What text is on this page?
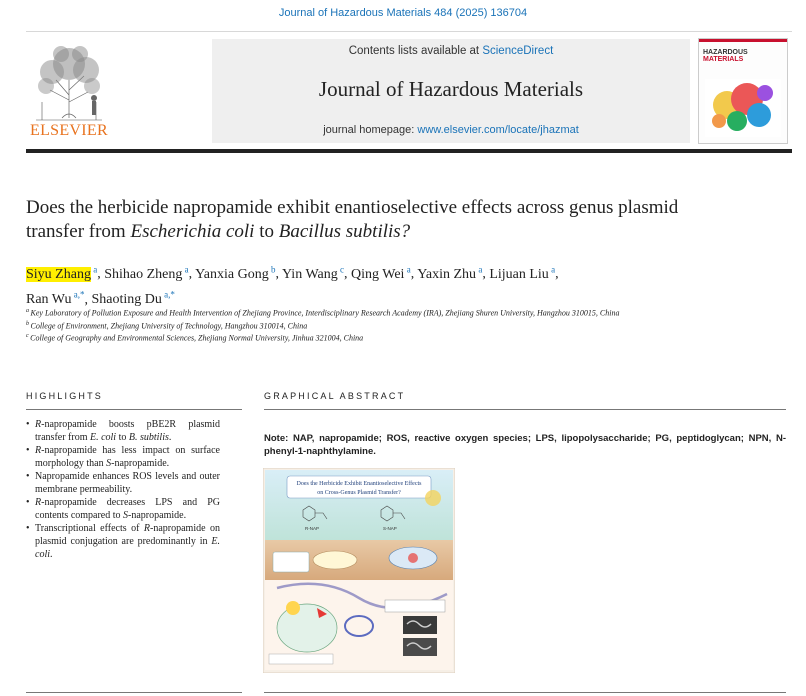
Journal of Hazardous Materials 484 (2025) 136704
ELSEVIER
Contents lists available at ScienceDirect
Journal of Hazardous Materials
journal homepage: www.elsevier.com/locate/jhazmat
HAZARDOUS
MATERIALS
Does the herbicide napropamide exhibit enantioselective effects across genus plasmid transfer from Escherichia coli to Bacillus subtilis?
Siyu Zhang $^a$, Shihao Zheng $^a$, Yanxia Gong $^b$, Yin Wang $^c$, Qing Wei $^a$, Yaxin Zhu $^a$, Lijuan Liu $^a$,
Ran Wu $^{a,*}$, Shaoting Du $^{a,*}$
$^a$ Key Laboratory of Pollution Exposure and Health Intervention of Zhejiang Province, Interdisciplinary Research Academy (IRA), Zhejiang Shuren University, Hangzhou 310015, China
$^b$ College of Environment, Zhejiang University of Technology, Hangzhou 310014, China
$^c$ College of Geography and Environmental Sciences, Zhejiang Normal University, Jinhua 321004, China
HIGHLIGHTS	GRAPHICAL ABSTRACT
• R-napropamide boosts pBE2R plasmid transfer from E. coli to B. subtilis.
• R-napropamide has less impact on surface morphology than S-napropamide.
• Napropamide enhances ROS levels and outer membrane permeability.
• R-napropamide decreases LPS and PG contents compared to S-napropamide.
• Transcriptional effects of R-napropamide on plasmid conjugation are predominantly in E. coli.
Note: NAP, napropamide; ROS, reactive oxygen species; LPS, lipopolysaccharide; PG, peptidoglycan; NPN, N-phenyl-1-naphthylamine.
Does the Herbicide Exhibit Enantioselective Effects
on Cross-Genus Plasmid Transfer?
R-NAP	S-NAP
